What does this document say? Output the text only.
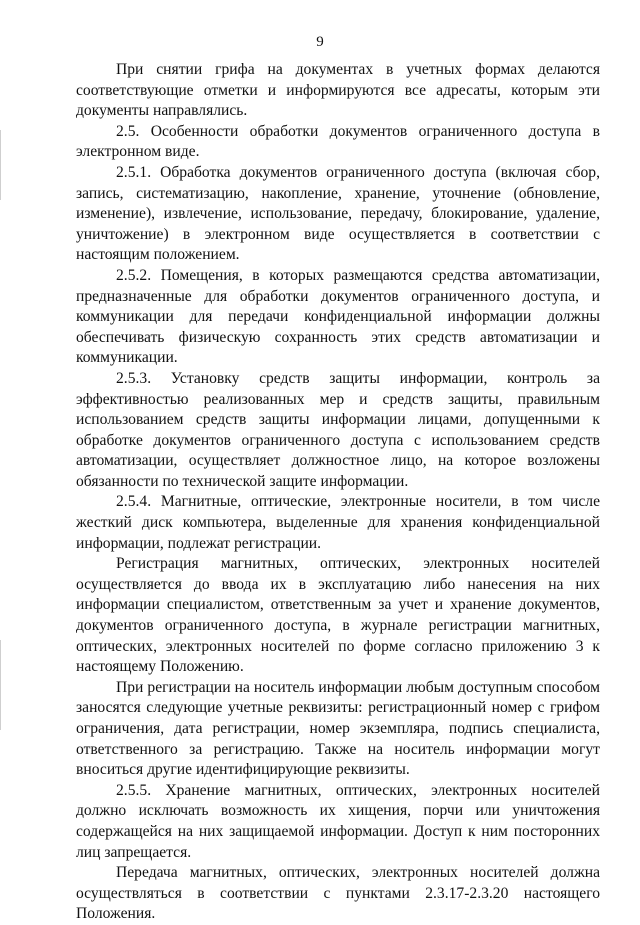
9

При снятии грифа на документах в учетных формах делаются соответствующие отметки и информируются все адресаты, которым эти документы направлялись.

2.5. Особенности обработки документов ограниченного доступа в электронном виде.

2.5.1. Обработка документов ограниченного доступа (включая сбор, запись, систематизацию, накопление, хранение, уточнение (обновление, изменение), извлечение, использование, передачу, блокирование, удаление, уничтожение) в электронном виде осуществляется в соответствии с настоящим положением.

2.5.2. Помещения, в которых размещаются средства автоматизации, предназначенные для обработки документов ограниченного доступа, и коммуникации для передачи конфиденциальной информации должны обеспечивать физическую сохранность этих средств автоматизации и коммуникации.

2.5.3. Установку средств защиты информации, контроль за эффективностью реализованных мер и средств защиты, правильным использованием средств защиты информации лицами, допущенными к обработке документов ограниченного доступа с использованием средств автоматизации, осуществляет должностное лицо, на которое возложены обязанности по технической защите информации.

2.5.4. Магнитные, оптические, электронные носители, в том числе жесткий диск компьютера, выделенные для хранения конфиденциальной информации, подлежат регистрации.

Регистрация магнитных, оптических, электронных носителей осуществляется до ввода их в эксплуатацию либо нанесения на них информации специалистом, ответственным за учет и хранение документов, документов ограниченного доступа, в журнале регистрации магнитных, оптических, электронных носителей по форме согласно приложению 3 к настоящему Положению.

При регистрации на носитель информации любым доступным способом заносятся следующие учетные реквизиты: регистрационный номер с грифом ограничения, дата регистрации, номер экземпляра, подпись специалиста, ответственного за регистрацию. Также на носитель информации могут вноситься другие идентифицирующие реквизиты.

2.5.5. Хранение магнитных, оптических, электронных носителей должно исключать возможность их хищения, порчи или уничтожения содержащейся на них защищаемой информации. Доступ к ним посторонних лиц запрещается.

Передача магнитных, оптических, электронных носителей должна осуществляться в соответствии с пунктами 2.3.17-2.3.20 настоящего Положения.
